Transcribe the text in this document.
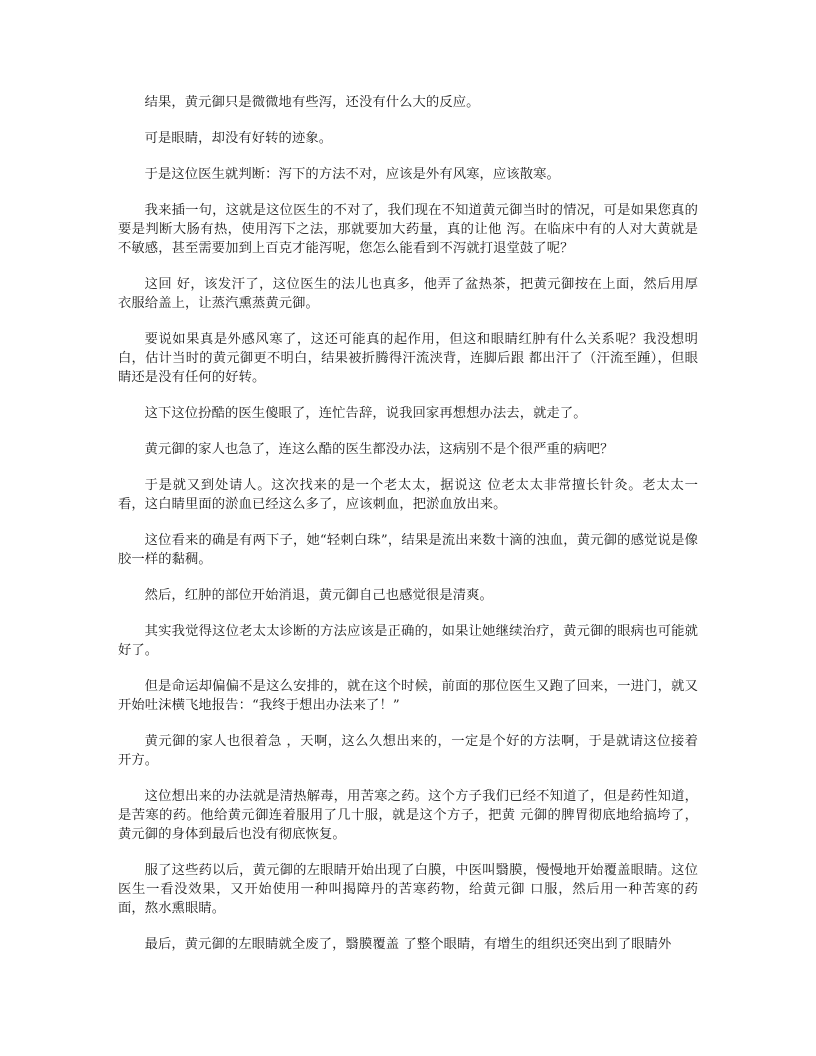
结果，黄元御只是微微地有些泻，还没有什么大的反应。

可是眼睛，却没有好转的迹象。

于是这位医生就判断：泻下的方法不对，应该是外有风寒，应该散寒。

我来插一句，这就是这位医生的不对了，我们现在不知道黄元御当时的情况，可是如果您真的要是判断大肠有热，使用泻下之法，那就要加大药量，真的让他 泻。在临床中有的人对大黄就是不敏感，甚至需要加到上百克才能泻呢，您怎么能看到不泻就打退堂鼓了呢？

这回 好，该发汗了，这位医生的法儿也真多，他弄了盆热茶，把黄元御按在上面，然后用厚衣服给盖上，让蒸汽熏蒸黄元御。

要说如果真是外感风寒了，这还可能真的起作用，但这和眼睛红肿有什么关系呢？我没想明白，估计当时的黄元御更不明白，结果被折腾得汗流浃背，连脚后跟 都出汗了（汗流至踵），但眼睛还是没有任何的好转。

这下这位扮酷的医生傻眼了，连忙告辞，说我回家再想想办法去，就走了。

黄元御的家人也急了，连这么酷的医生都没办法，这病别不是个很严重的病吧？

于是就又到处请人。这次找来的是一个老太太，据说这 位老太太非常擅长针灸。老太太一看，这白睛里面的淤血已经这么多了，应该刺血，把淤血放出来。

这位看来的确是有两下子，她“轻刺白珠”，结果是流出来数十滴的浊血，黄元御的感觉说是像胶一样的黏稠。

然后，红肿的部位开始消退，黄元御自己也感觉很是清爽。

其实我觉得这位老太太诊断的方法应该是正确的，如果让她继续治疗，黄元御的眼病也可能就好了。

但是命运却偏偏不是这么安排的，就在这个时候，前面的那位医生又跑了回来，一进门，就又开始吐沫横飞地报告：“我终于想出办法来了！”

黄元御的家人也很着急 ，天啊，这么久想出来的，一定是个好的方法啊，于是就请这位接着开方。

这位想出来的办法就是清热解毒，用苦寒之药。这个方子我们已经不知道了，但是药性知道，是苦寒的药。他给黄元御连着服用了几十服，就是这个方子，把黄 元御的脾胃彻底地给搞垮了，黄元御的身体到最后也没有彻底恢复。

服了这些药以后，黄元御的左眼睛开始出现了白膜，中医叫翳膜，慢慢地开始覆盖眼睛。这位医生一看没效果，又开始使用一种叫揭障丹的苦寒药物，给黄元御 口服，然后用一种苦寒的药面，熬水熏眼睛。

最后，黄元御的左眼睛就全废了，翳膜覆盖 了整个眼睛，有增生的组织还突出到了眼睛外
